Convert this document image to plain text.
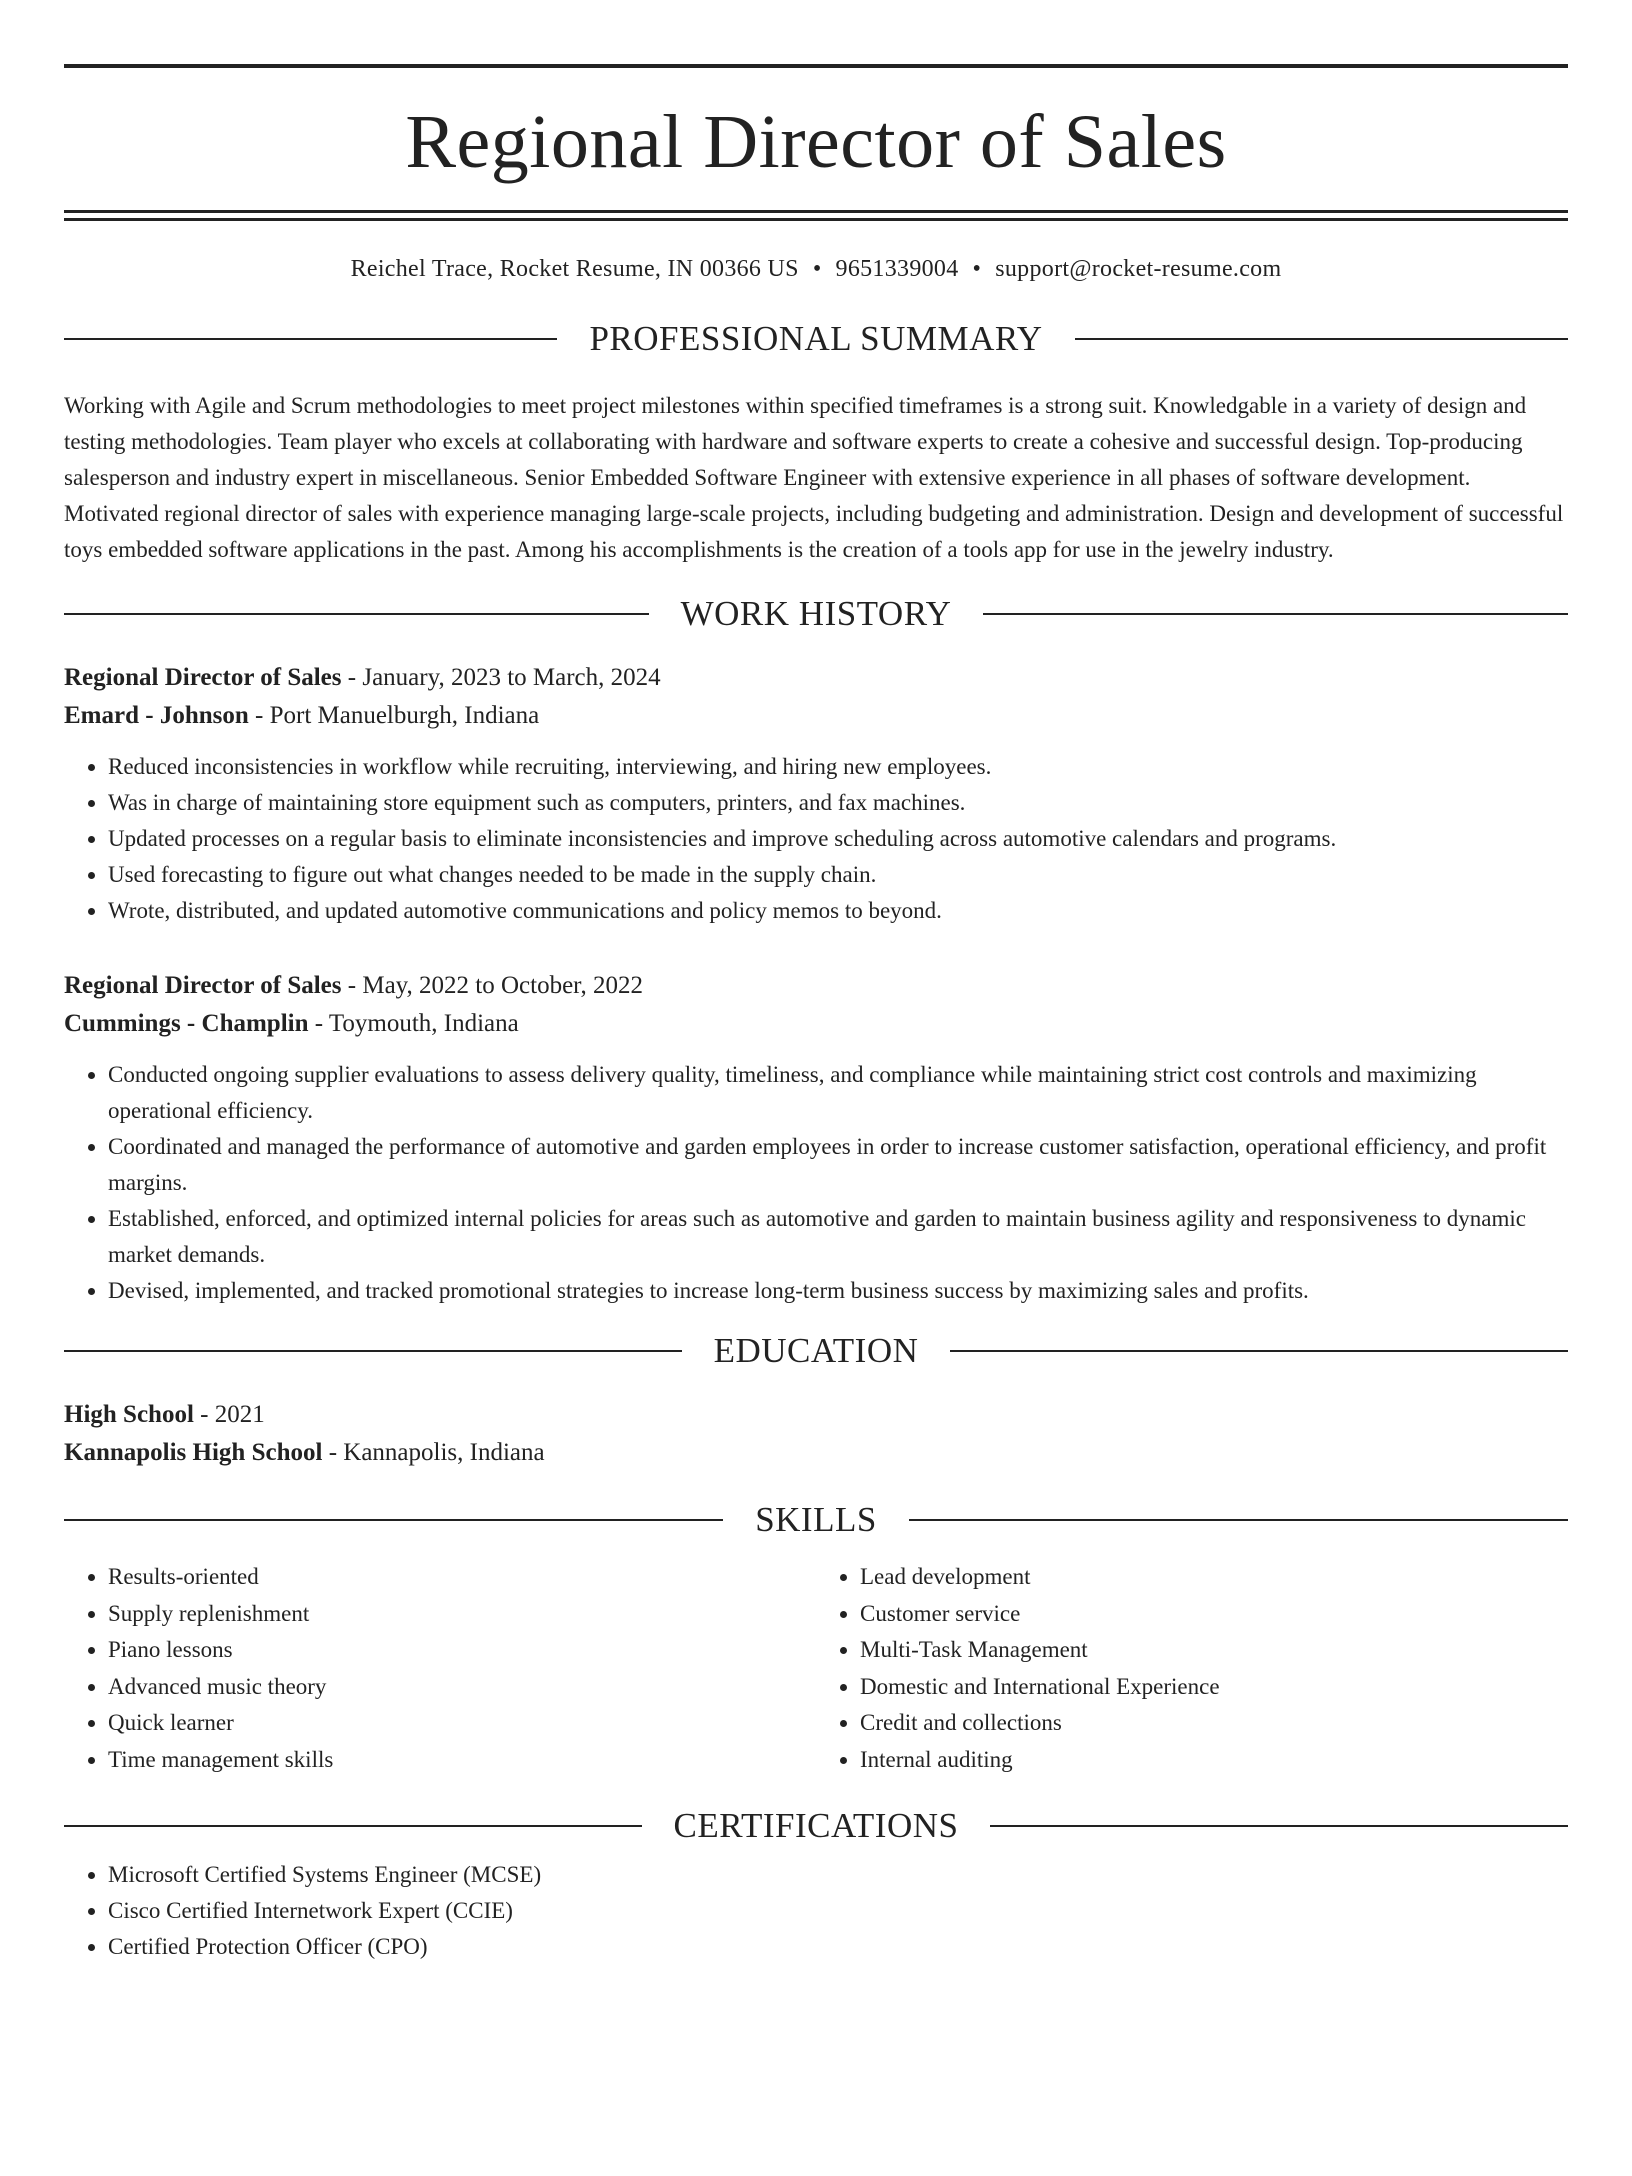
Regional Director of Sales
Reichel Trace, Rocket Resume, IN 00366 US • 9651339004 • support@rocket-resume.com
PROFESSIONAL SUMMARY
Working with Agile and Scrum methodologies to meet project milestones within specified timeframes is a strong suit. Knowledgable in a variety of design and testing methodologies. Team player who excels at collaborating with hardware and software experts to create a cohesive and successful design. Top-producing salesperson and industry expert in miscellaneous. Senior Embedded Software Engineer with extensive experience in all phases of software development. Motivated regional director of sales with experience managing large-scale projects, including budgeting and administration. Design and development of successful toys embedded software applications in the past. Among his accomplishments is the creation of a tools app for use in the jewelry industry.
WORK HISTORY
Regional Director of Sales - January, 2023 to March, 2024
Emard - Johnson - Port Manuelburgh, Indiana
• Reduced inconsistencies in workflow while recruiting, interviewing, and hiring new employees.
• Was in charge of maintaining store equipment such as computers, printers, and fax machines.
• Updated processes on a regular basis to eliminate inconsistencies and improve scheduling across automotive calendars and programs.
• Used forecasting to figure out what changes needed to be made in the supply chain.
• Wrote, distributed, and updated automotive communications and policy memos to beyond.
Regional Director of Sales - May, 2022 to October, 2022
Cummings - Champlin - Toymouth, Indiana
• Conducted ongoing supplier evaluations to assess delivery quality, timeliness, and compliance while maintaining strict cost controls and maximizing operational efficiency.
• Coordinated and managed the performance of automotive and garden employees in order to increase customer satisfaction, operational efficiency, and profit margins.
• Established, enforced, and optimized internal policies for areas such as automotive and garden to maintain business agility and responsiveness to dynamic market demands.
• Devised, implemented, and tracked promotional strategies to increase long-term business success by maximizing sales and profits.
EDUCATION
High School - 2021
Kannapolis High School - Kannapolis, Indiana
SKILLS
• Results-oriented
• Supply replenishment
• Piano lessons
• Advanced music theory
• Quick learner
• Time management skills
• Lead development
• Customer service
• Multi-Task Management
• Domestic and International Experience
• Credit and collections
• Internal auditing
CERTIFICATIONS
• Microsoft Certified Systems Engineer (MCSE)
• Cisco Certified Internetwork Expert (CCIE)
• Certified Protection Officer (CPO)
